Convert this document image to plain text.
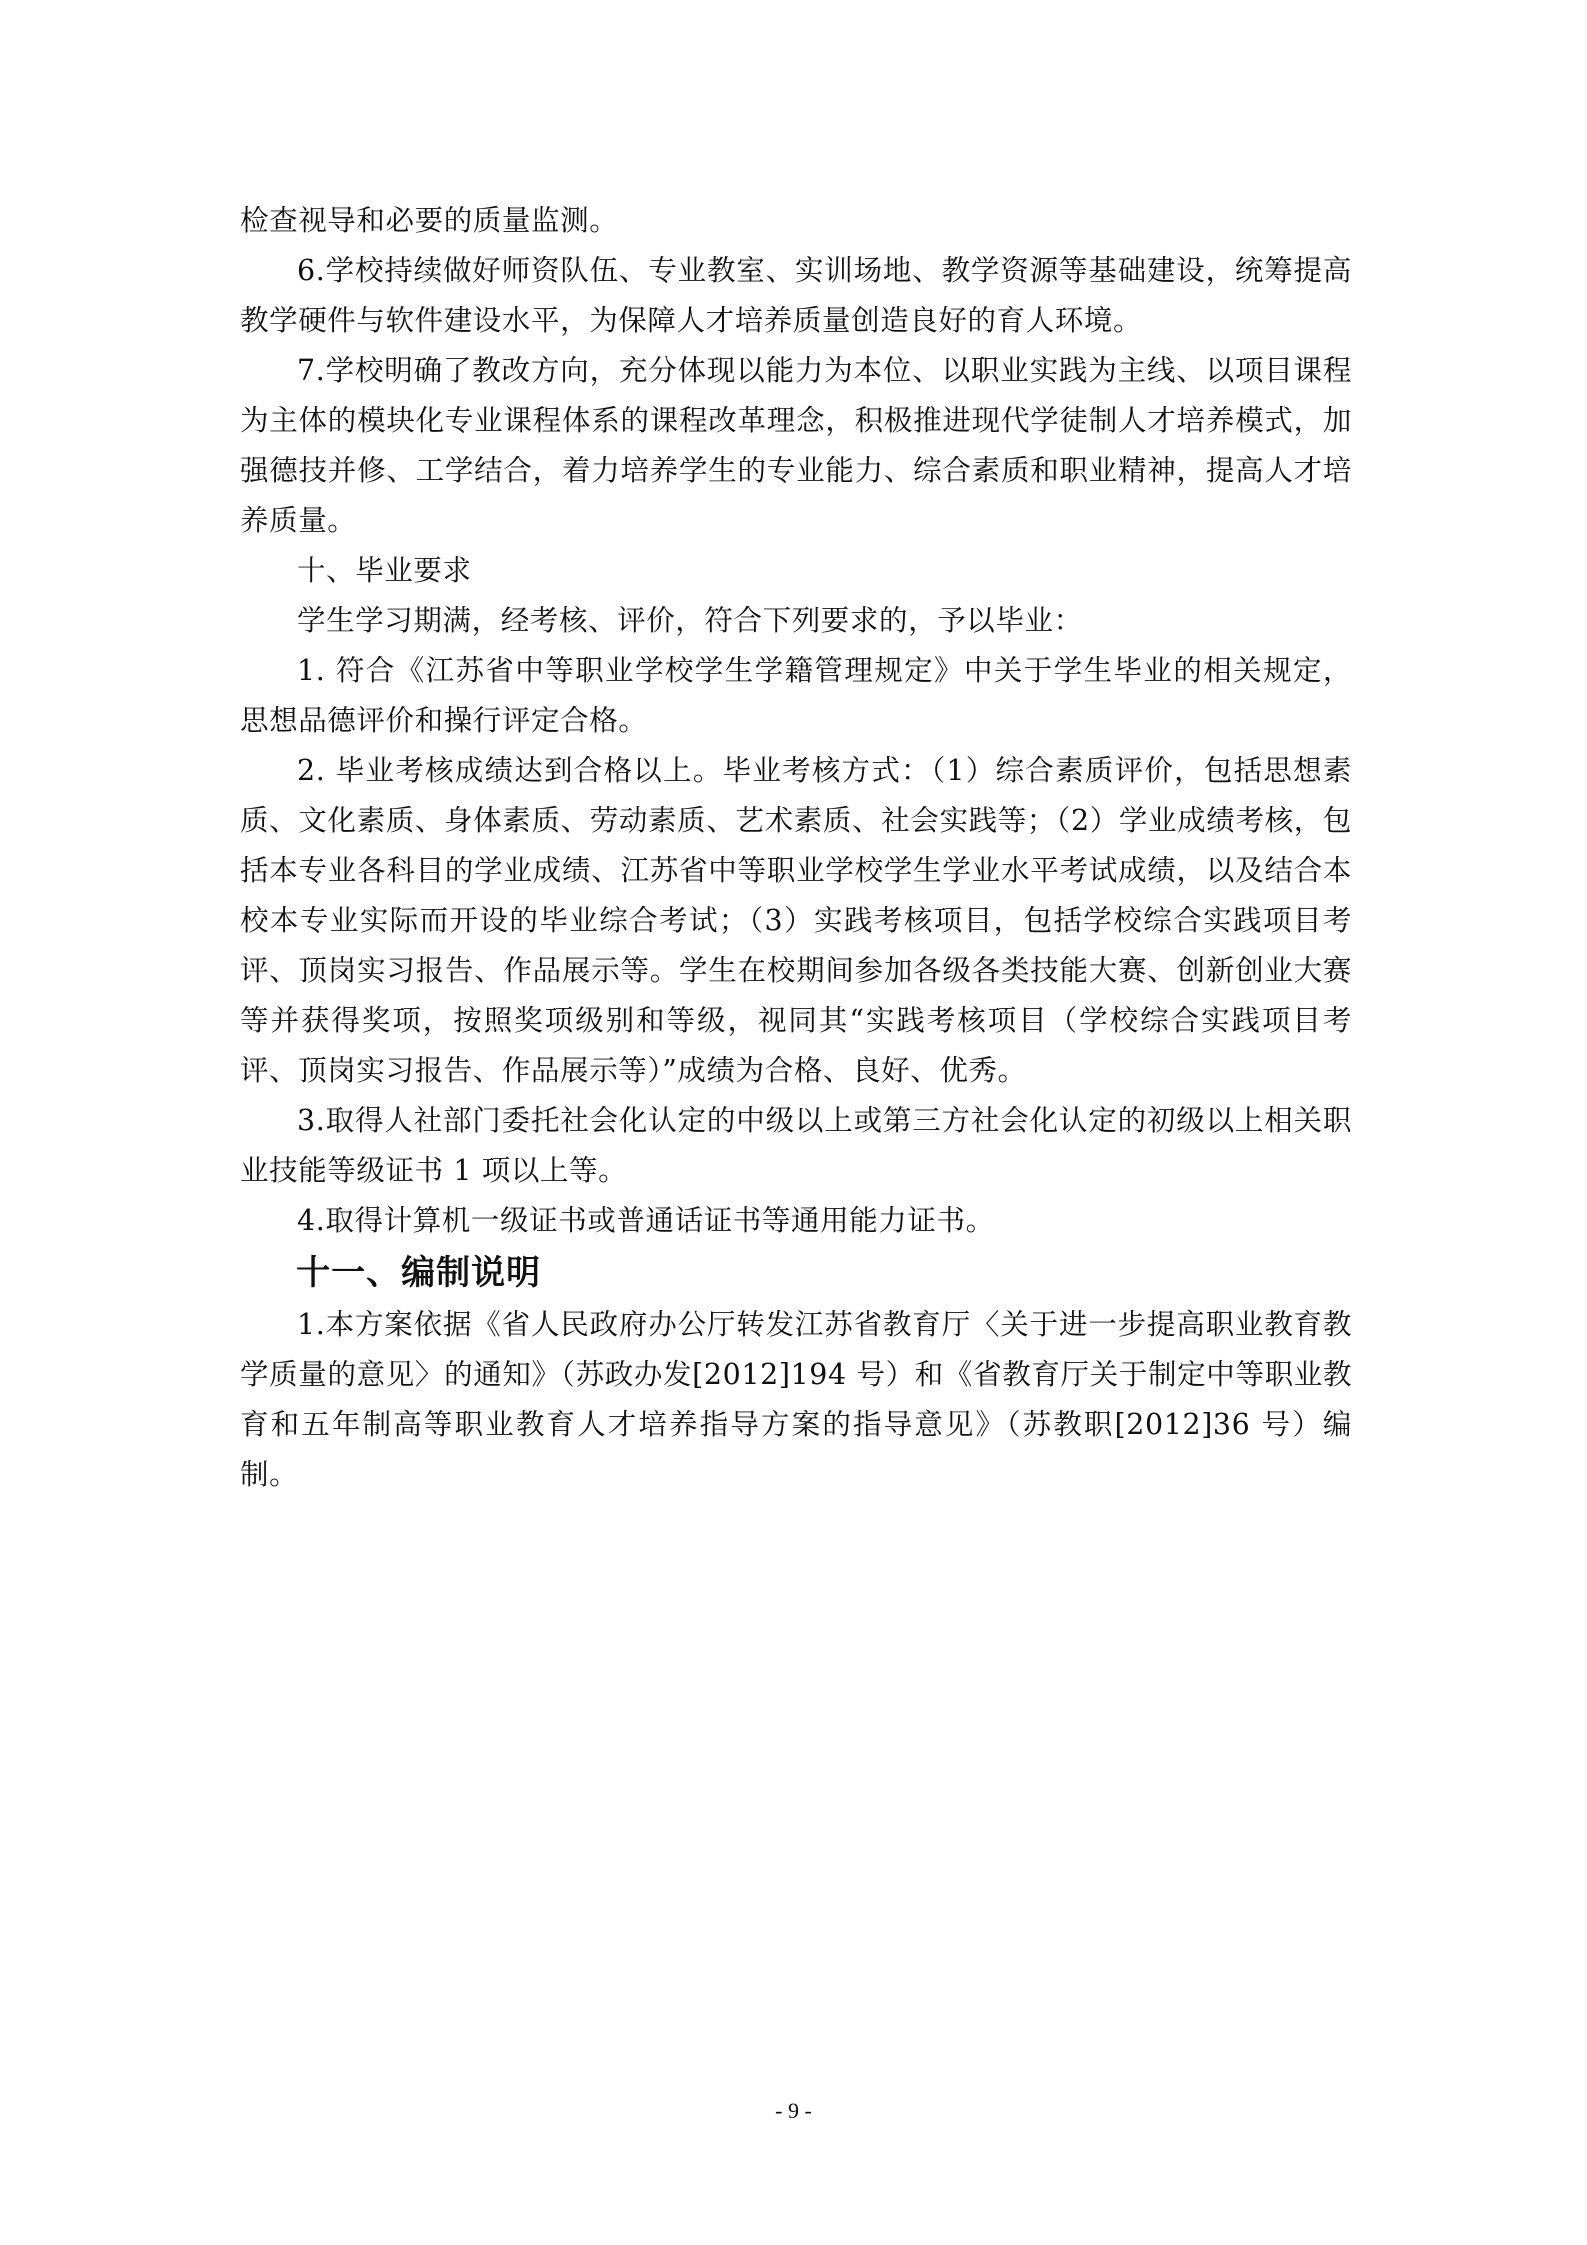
检查视导和必要的质量监测。

6.学校持续做好师资队伍、专业教室、实训场地、教学资源等基础建设，统筹提高教学硬件与软件建设水平，为保障人才培养质量创造良好的育人环境。

7.学校明确了教改方向，充分体现以能力为本位、以职业实践为主线、以项目课程为主体的模块化专业课程体系的课程改革理念，积极推进现代学徒制人才培养模式，加强德技并修、工学结合，着力培养学生的专业能力、综合素质和职业精神，提高人才培养质量。

十、毕业要求

学生学习期满，经考核、评价，符合下列要求的，予以毕业：

1. 符合《江苏省中等职业学校学生学籍管理规定》中关于学生毕业的相关规定，思想品德评价和操行评定合格。

2. 毕业考核成绩达到合格以上。毕业考核方式：（1）综合素质评价，包括思想素质、文化素质、身体素质、劳动素质、艺术素质、社会实践等；（2）学业成绩考核，包括本专业各科目的学业成绩、江苏省中等职业学校学生学业水平考试成绩，以及结合本校本专业实际而开设的毕业综合考试；（3）实践考核项目，包括学校综合实践项目考评、顶岗实习报告、作品展示等。学生在校期间参加各级各类技能大赛、创新创业大赛等并获得奖项，按照奖项级别和等级，视同其“实践考核项目（学校综合实践项目考评、顶岗实习报告、作品展示等）”成绩为合格、良好、优秀。

3.取得人社部门委托社会化认定的中级以上或第三方社会化认定的初级以上相关职业技能等级证书 1 项以上等。

4.取得计算机一级证书或普通话证书等通用能力证书。

十一、编制说明

1.本方案依据《省人民政府办公厅转发江苏省教育厅〈关于进一步提高职业教育教学质量的意见〉的通知》（苏政办发[2012]194 号）和《省教育厅关于制定中等职业教育和五年制高等职业教育人才培养指导方案的指导意见》（苏教职[2012]36 号）编制。

- 9 -
